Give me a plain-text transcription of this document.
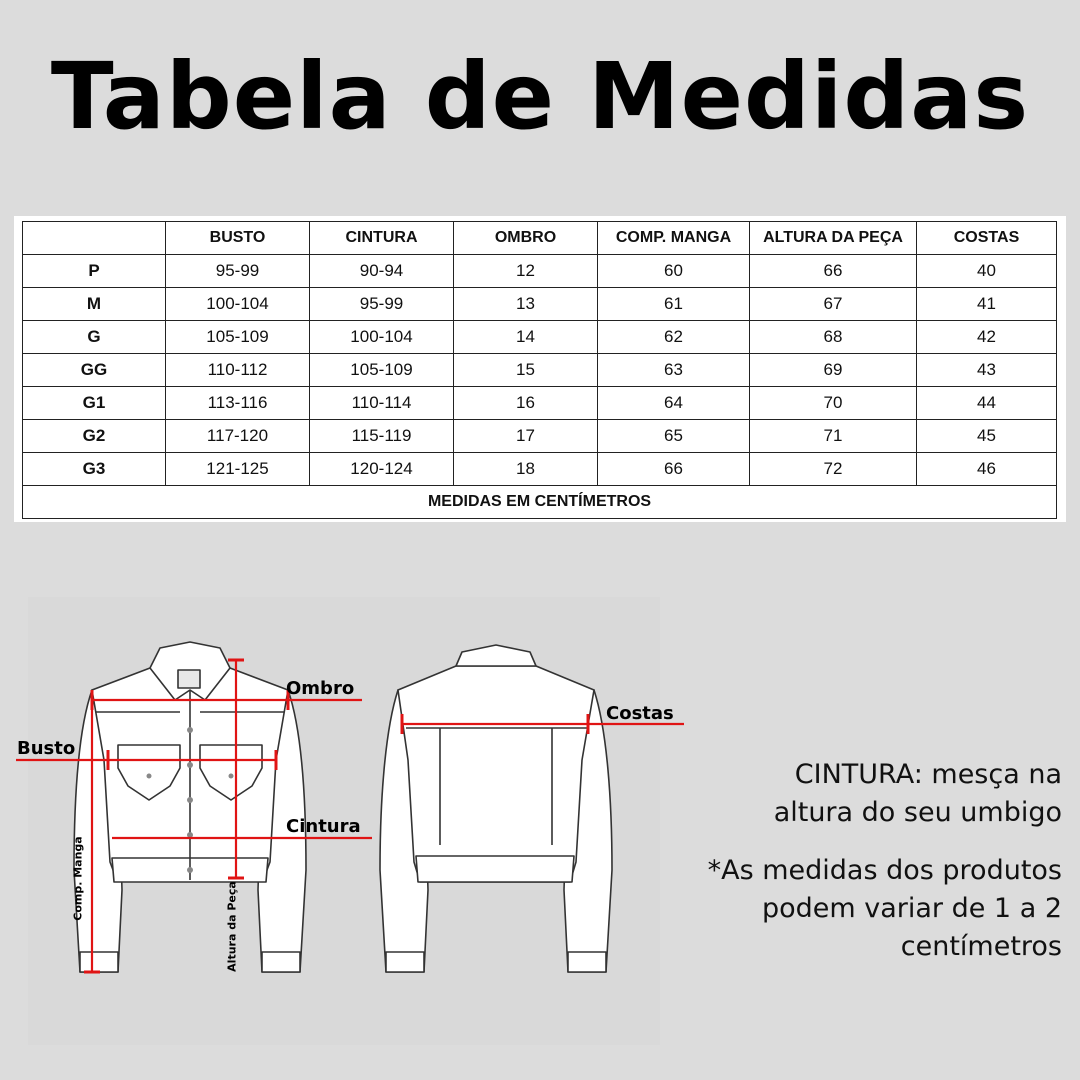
Tabela de Medidas
	BUSTO	CINTURA	OMBRO	COMP. MANGA	ALTURA DA PEÇA	COSTAS
P	95-99	90-94	12	60	66	40
M	100-104	95-99	13	61	67	41
G	105-109	100-104	14	62	68	42
GG	110-112	105-109	15	63	69	43
G1	113-116	110-114	16	64	70	44
G2	117-120	115-119	17	65	71	45
G3	121-125	120-124	18	66	72	46
MEDIDAS EM CENTÍMETROS						
Ombro
Busto
Cintura
Costas
Comp. Manga
Altura da Peça
CINTURA: mesça na
altura do seu umbigo
*As medidas dos produtos
podem variar de 1 a 2
centímetros
